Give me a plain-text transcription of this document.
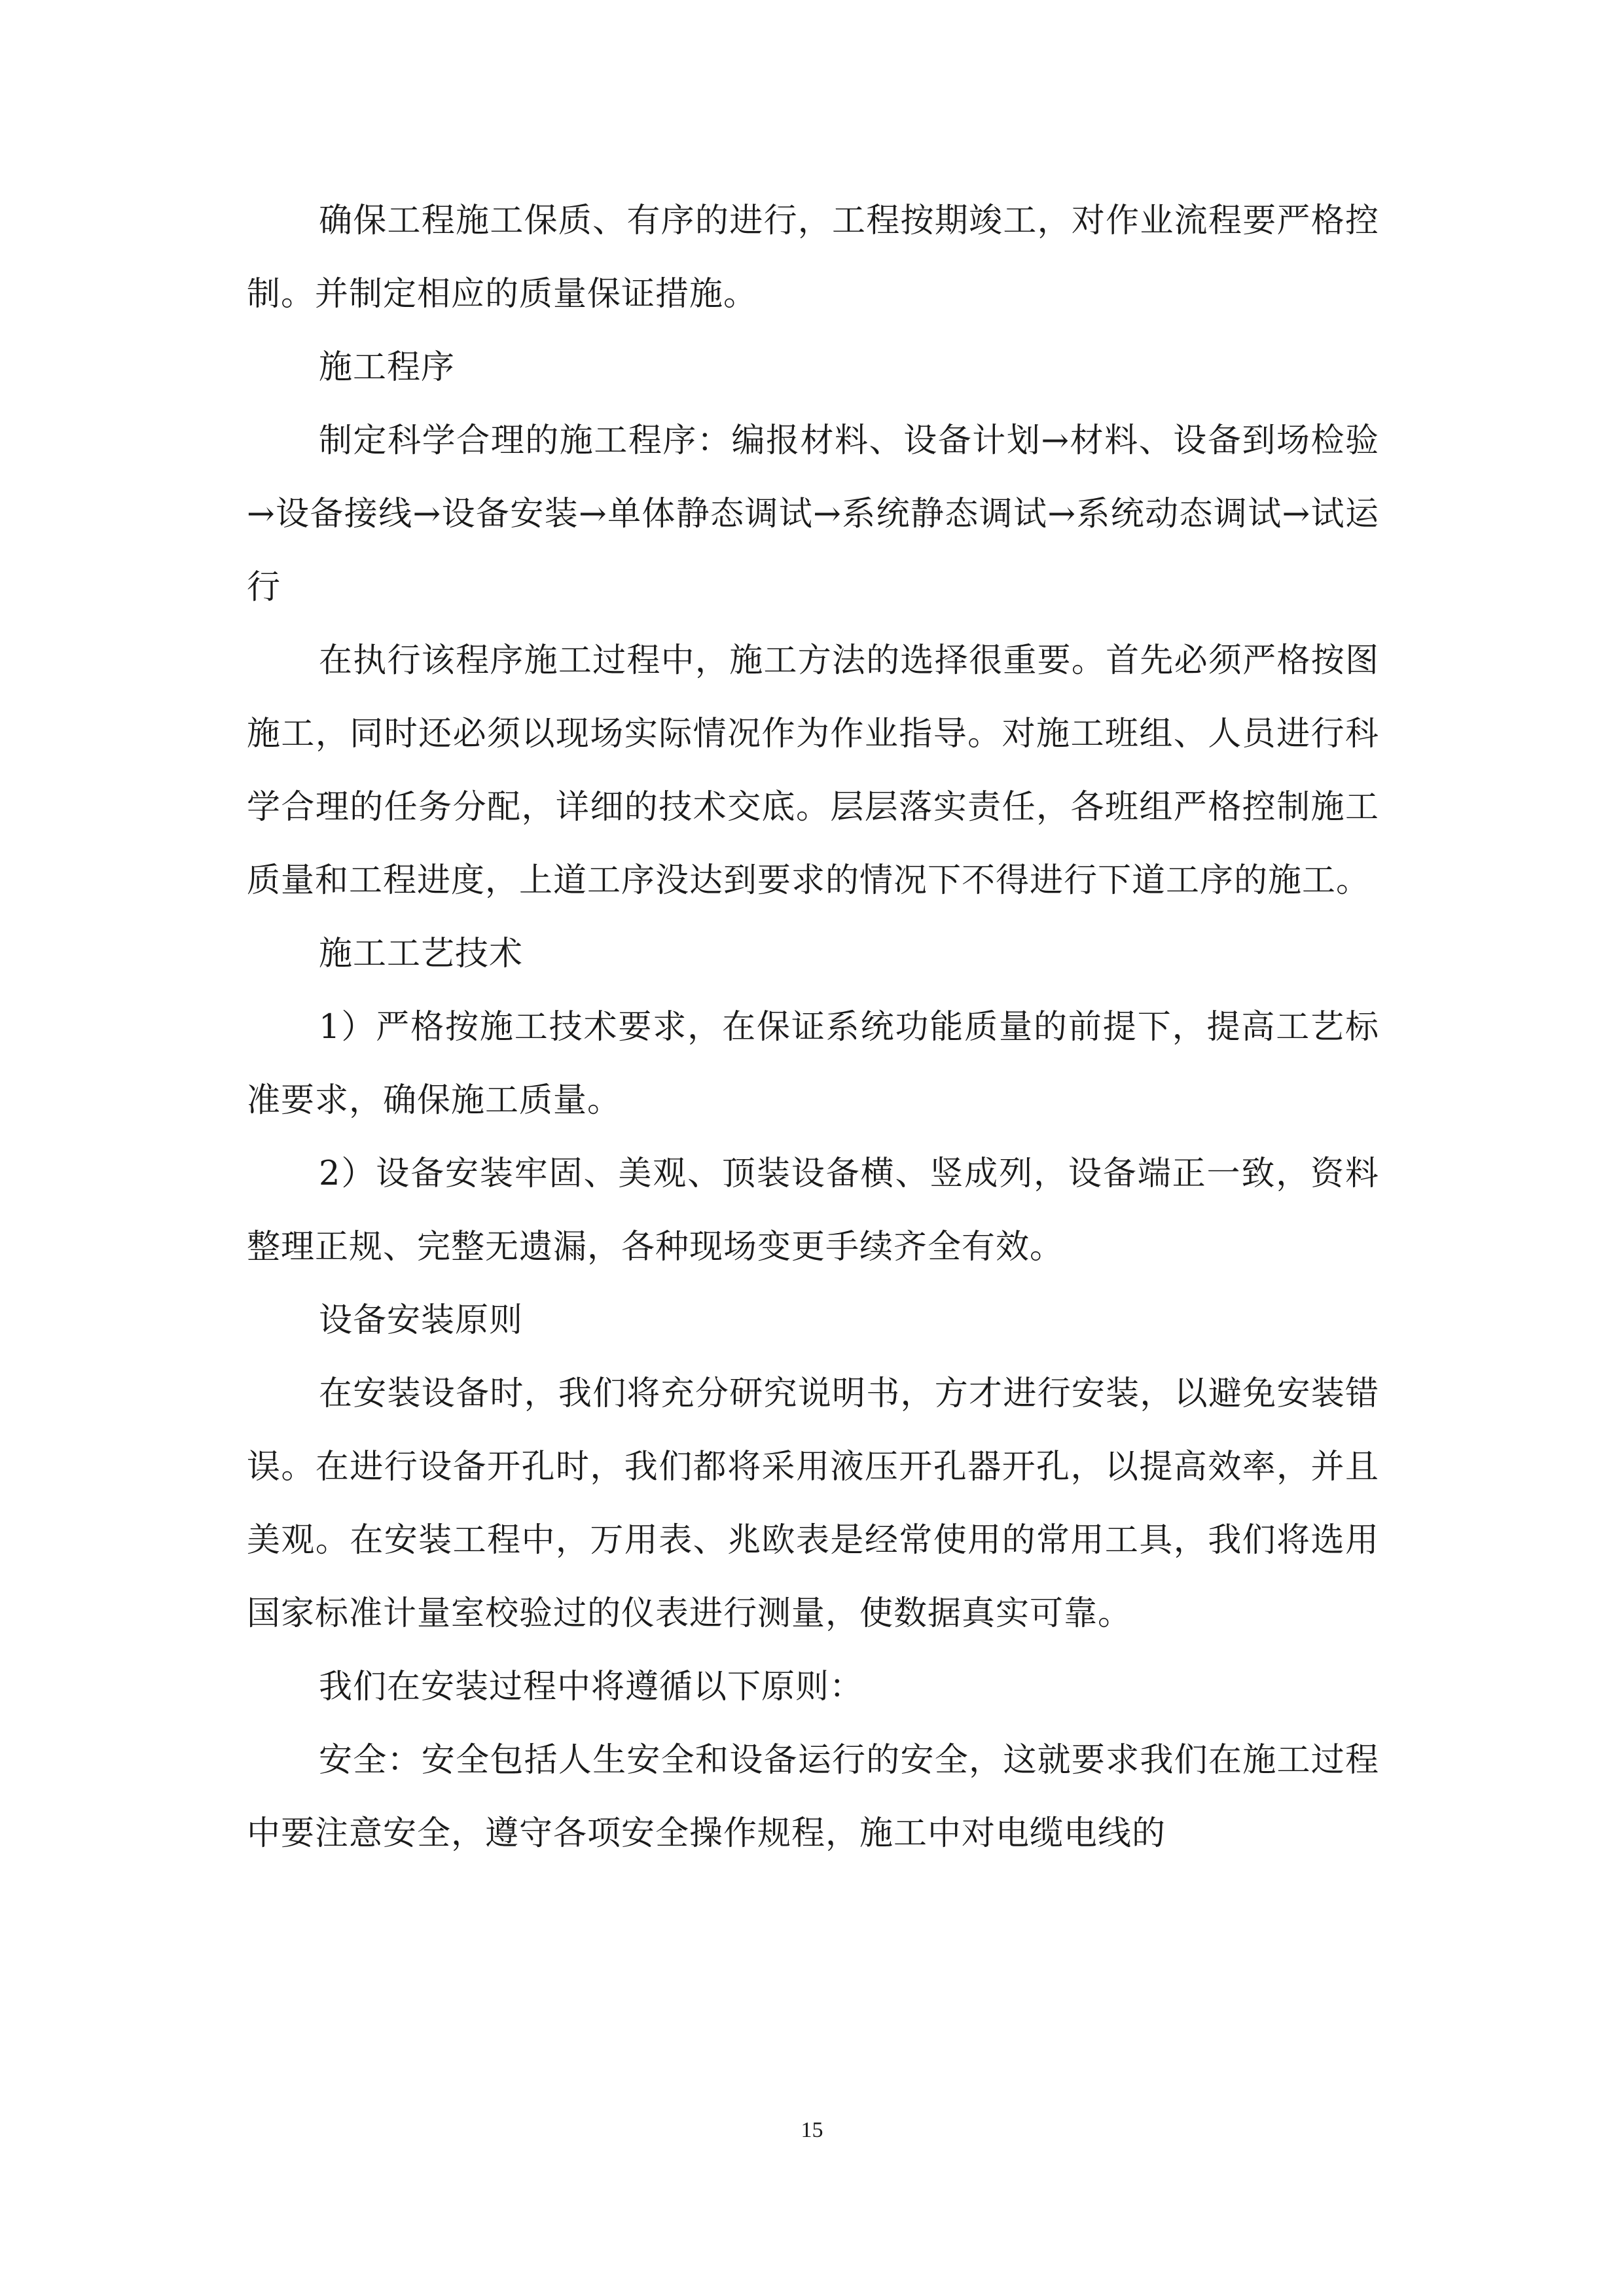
确保工程施工保质、有序的进行，工程按期竣工，对作业流程要严格控制。并制定相应的质量保证措施。

施工程序

制定科学合理的施工程序：编报材料、设备计划→材料、设备到场检验→设备接线→设备安装→单体静态调试→系统静态调试→系统动态调试→试运行

在执行该程序施工过程中，施工方法的选择很重要。首先必须严格按图施工，同时还必须以现场实际情况作为作业指导。对施工班组、人员进行科学合理的任务分配，详细的技术交底。层层落实责任，各班组严格控制施工质量和工程进度，上道工序没达到要求的情况下不得进行下道工序的施工。

施工工艺技术

1）严格按施工技术要求，在保证系统功能质量的前提下，提高工艺标准要求，确保施工质量。

2）设备安装牢固、美观、顶装设备横、竖成列，设备端正一致，资料整理正规、完整无遗漏，各种现场变更手续齐全有效。

设备安装原则

在安装设备时，我们将充分研究说明书，方才进行安装，以避免安装错误。在进行设备开孔时，我们都将采用液压开孔器开孔，以提高效率，并且美观。在安装工程中，万用表、兆欧表是经常使用的常用工具，我们将选用国家标准计量室校验过的仪表进行测量，使数据真实可靠。

我们在安装过程中将遵循以下原则：

安全：安全包括人生安全和设备运行的安全，这就要求我们在施工过程中要注意安全，遵守各项安全操作规程，施工中对电缆电线的

15
